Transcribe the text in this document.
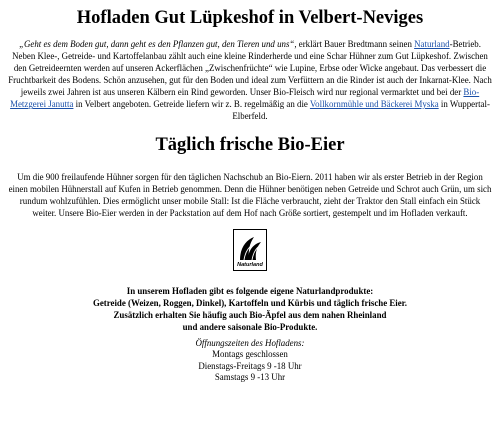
Hofladen Gut Lüpkeshof in Velbert-Neviges

„Geht es dem Boden gut, dann geht es den Pflanzen gut, den Tieren und uns“, erklärt Bauer Bredtmann seinen Naturland-Betrieb. Neben Klee-, Getreide- und Kartoffelanbau zählt auch eine kleine Rinderherde und eine Schar Hühner zum Gut Lüpkeshof. Zwischen den Getreideernten werden auf unseren Ackerflächen „Zwischenfrüchte“ wie Lupine, Erbse oder Wicke angebaut. Das verbessert die Fruchtbarkeit des Bodens. Schön anzusehen, gut für den Boden und ideal zum Verfüttern an die Rinder ist auch der Inkarnat-Klee. Nach jeweils zwei Jahren ist aus unseren Kälbern ein Rind geworden. Unser Bio-Fleisch wird nur regional vermarktet und bei der Bio-Metzgerei Janutta in Velbert angeboten. Getreide liefern wir z. B. regelmäßig an die Vollkornmühle und Bäckerei Myska in Wuppertal-Elberfeld.

Täglich frische Bio-Eier

Um die 900 freilaufende Hühner sorgen für den täglichen Nachschub an Bio-Eiern. 2011 haben wir als erster Betrieb in der Region einen mobilen Hühnerstall auf Kufen in Betrieb genommen. Denn die Hühner benötigen neben Getreide und Schrot auch Grün, um sich rundum wohlzufühlen. Dies ermöglicht unser mobile Stall: Ist die Fläche verbraucht, zieht der Traktor den Stall einfach ein Stück weiter. Unsere Bio-Eier werden in der Packstation auf dem Hof nach Größe sortiert, gestempelt und im Hofladen verkauft.

Naturland
In unserem Hofladen gibt es folgende eigene Naturlandprodukte:
Getreide (Weizen, Roggen, Dinkel), Kartoffeln und Kürbis und täglich frische Eier.
Zusätzlich erhalten Sie häufig auch Bio-Äpfel aus dem nahen Rheinland
und andere saisonale Bio-Produkte.
Öffnungszeiten des Hofladens:
Montags geschlossen
Dienstags-Freitags 9 -18 Uhr
Samstags 9 -13 Uhr
